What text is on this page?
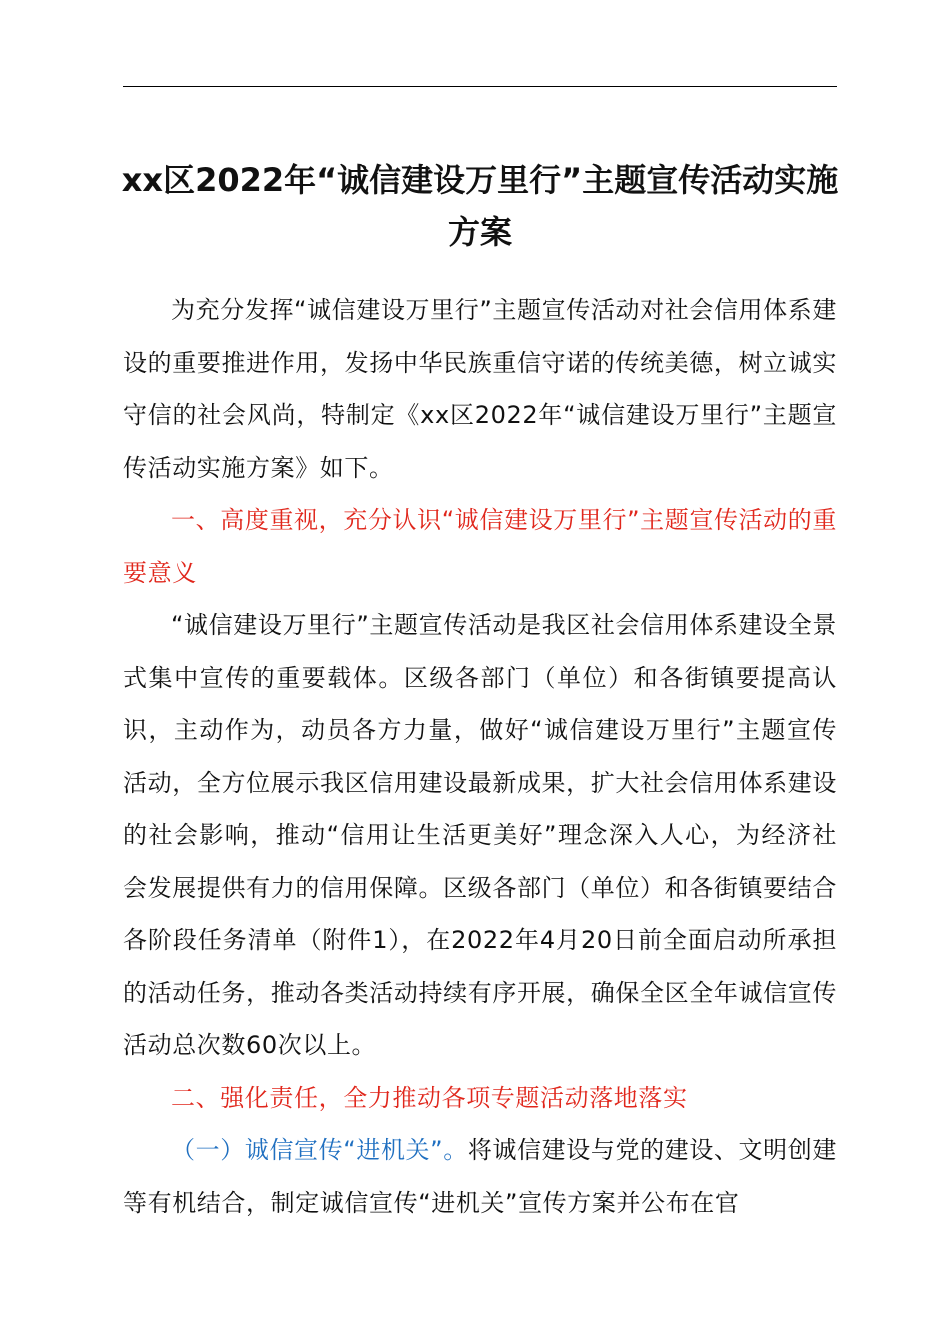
xx区2022年“诚信建设万里行”主题宣传活动实施方案

为充分发挥“诚信建设万里行”主题宣传活动对社会信用体系建设的重要推进作用，发扬中华民族重信守诺的传统美德，树立诚实守信的社会风尚，特制定《xx区2022年“诚信建设万里行”主题宣传活动实施方案》如下。

一、高度重视，充分认识“诚信建设万里行”主题宣传活动的重要意义

“诚信建设万里行”主题宣传活动是我区社会信用体系建设全景式集中宣传的重要载体。区级各部门（单位）和各街镇要提高认识，主动作为，动员各方力量，做好“诚信建设万里行”主题宣传活动，全方位展示我区信用建设最新成果，扩大社会信用体系建设的社会影响，推动“信用让生活更美好”理念深入人心，为经济社会发展提供有力的信用保障。区级各部门（单位）和各街镇要结合各阶段任务清单（附件1），在2022年4月20日前全面启动所承担的活动任务，推动各类活动持续有序开展，确保全区全年诚信宣传活动总次数60次以上。

二、强化责任，全力推动各项专题活动落地落实

（一）诚信宣传“进机关”。将诚信建设与党的建设、文明创建等有机结合，制定诚信宣传“进机关”宣传方案并公布在官
